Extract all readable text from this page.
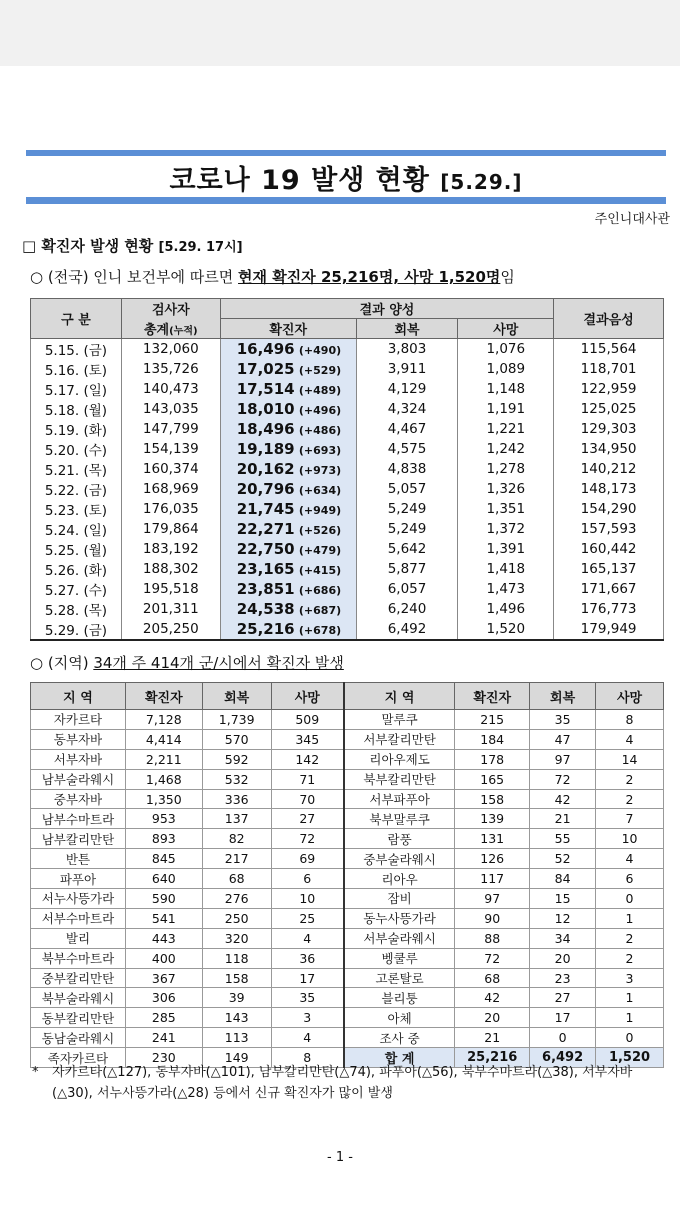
코로나 19 발생 현황 [5.29.]
주인니대사관
□ 확진자 발생 현황 [5.29. 17시]
○ (전국) 인니 보건부에 따르면 현재 확진자 25,216명, 사망 1,520명임
구 분	검사자	결과 양성			결과음성
	총계(누적)	확진자	회복	사망	
5.15. (금)	132,060	16,496 (+490)	3,803	1,076	115,564
5.16. (토)	135,726	17,025 (+529)	3,911	1,089	118,701
5.17. (일)	140,473	17,514 (+489)	4,129	1,148	122,959
5.18. (월)	143,035	18,010 (+496)	4,324	1,191	125,025
5.19. (화)	147,799	18,496 (+486)	4,467	1,221	129,303
5.20. (수)	154,139	19,189 (+693)	4,575	1,242	134,950
5.21. (목)	160,374	20,162 (+973)	4,838	1,278	140,212
5.22. (금)	168,969	20,796 (+634)	5,057	1,326	148,173
5.23. (토)	176,035	21,745 (+949)	5,249	1,351	154,290
5.24. (일)	179,864	22,271 (+526)	5,249	1,372	157,593
5.25. (월)	183,192	22,750 (+479)	5,642	1,391	160,442
5.26. (화)	188,302	23,165 (+415)	5,877	1,418	165,137
5.27. (수)	195,518	23,851 (+686)	6,057	1,473	171,667
5.28. (목)	201,311	24,538 (+687)	6,240	1,496	176,773
5.29. (금)	205,250	25,216 (+678)	6,492	1,520	179,949
○ (지역) 34개 주 414개 군/시에서 확진자 발생
지 역	확진자	회복	사망	지 역	확진자	회복	사망
자카르타	7,128	1,739	509	말루쿠	215	35	8
동부자바	4,414	570	345	서부칼리만탄	184	47	4
서부자바	2,211	592	142	리아우제도	178	97	14
남부술라웨시	1,468	532	71	북부칼리만탄	165	72	2
중부자바	1,350	336	70	서부파푸아	158	42	2
남부수마트라	953	137	27	북부말루쿠	139	21	7
남부칼리만탄	893	82	72	람풍	131	55	10
반튼	845	217	69	중부술라웨시	126	52	4
파푸아	640	68	6	리아우	117	84	6
서누사뜽가라	590	276	10	잠비	97	15	0
서부수마트라	541	250	25	동누사뜽가라	90	12	1
발리	443	320	4	서부술라웨시	88	34	2
북부수마트라	400	118	36	벵쿨루	72	20	2
중부칼리만탄	367	158	17	고론탈로	68	23	3
북부술라웨시	306	39	35	블리퉁	42	27	1
동부칼리만탄	285	143	3	아체	20	17	1
동남술라웨시	241	113	4	조사 중	21	0	0
족자카르타	230	149	8	합 계	25,216	6,492	1,520
* 자카르타(△127), 동부자바(△101), 남부칼리만탄(△74), 파푸아(△56), 북부수마트라(△38), 서부자바(△30), 서누사뜽가라(△28) 등에서 신규 확진자가 많이 발생
- 1 -
